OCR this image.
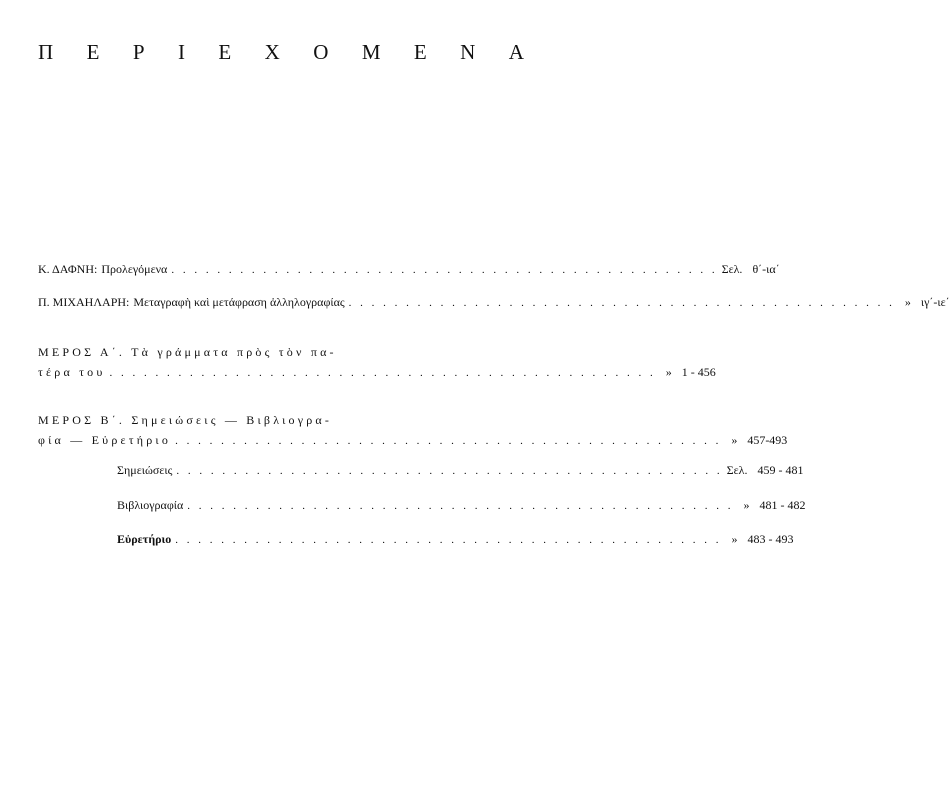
Π Ε Ρ Ι Ε Χ Ο Μ Ε Ν Α
Κ. ΔΑΦΝΗ: Προλεγόμενα . . . . . . . . . . . . . . . . . . . . . . . . . . . . . . . . . . . . . . . . . . . . . . . . Σελ. θ΄-ια΄
Π. ΜΙΧΑΗΛΑΡΗ: Μεταγραφὴ καὶ μετάφραση ἀλληλογραφίας . . . . . . . . . . . . . . . . . . . . . . . . . . . . . . . . . . . . . . . . . . . . . . . . » ιγ΄-ιε΄
ΜΕΡΟΣ Α΄. Τὰ γράμματα πρὸς τὸν πα-
τέρα του . . . . . . . . . . . . . . . . . . . . . . . . . . . . . . . . . . . . . . . . . . . . . . . . » 1 - 456
ΜΕΡΟΣ Β΄. Σημειώσεις — Βιβλιογρα-
φία — Εὐρετήριο . . . . . . . . . . . . . . . . . . . . . . . . . . . . . . . . . . . . . . . . . . . . . . . . » 457-493
Σημειώσεις . . . . . . . . . . . . . . . . . . . . . . . . . . . . . . . . . . . . . . . . . . . . . . . . Σελ. 459 - 481
Βιβλιογραφία . . . . . . . . . . . . . . . . . . . . . . . . . . . . . . . . . . . . . . . . . . . . . . . . » 481 - 482
Εὐρετήριο . . . . . . . . . . . . . . . . . . . . . . . . . . . . . . . . . . . . . . . . . . . . . . . . » 483 - 493
